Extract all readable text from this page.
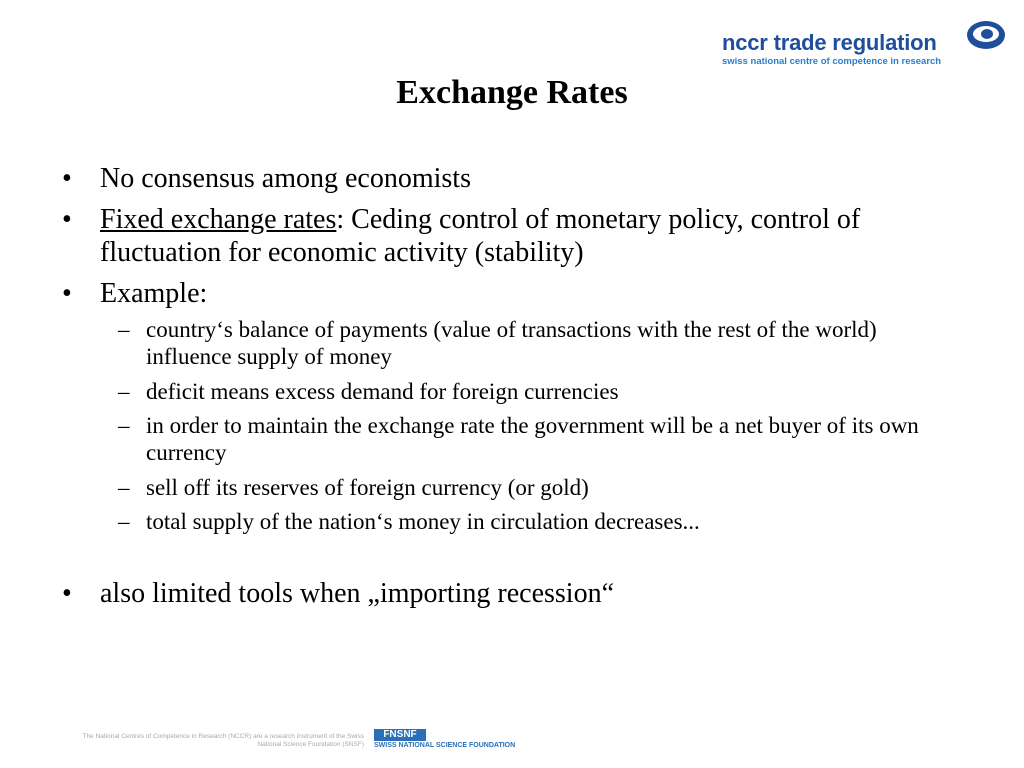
nccr trade regulation
swiss national centre of competence in research
Exchange Rates
• No consensus among economists
• Fixed exchange rates: Ceding control of monetary policy, control of fluctuation for economic activity (stability)
• Example:
– country‘s balance of payments (value of transactions with the rest of the world) influence supply of money
– deficit means excess demand for foreign currencies
– in order to maintain the exchange rate the government will be a net buyer of its own currency
– sell off its reserves of foreign currency (or gold)
– total supply of the nation‘s money in circulation decreases...
• also limited tools when „importing recession“
The National Centres of Competence in Research (NCCR) are a research instrument of the Swiss National Science Foundation (SNSF)
FNSNF
SWISS NATIONAL SCIENCE FOUNDATION
